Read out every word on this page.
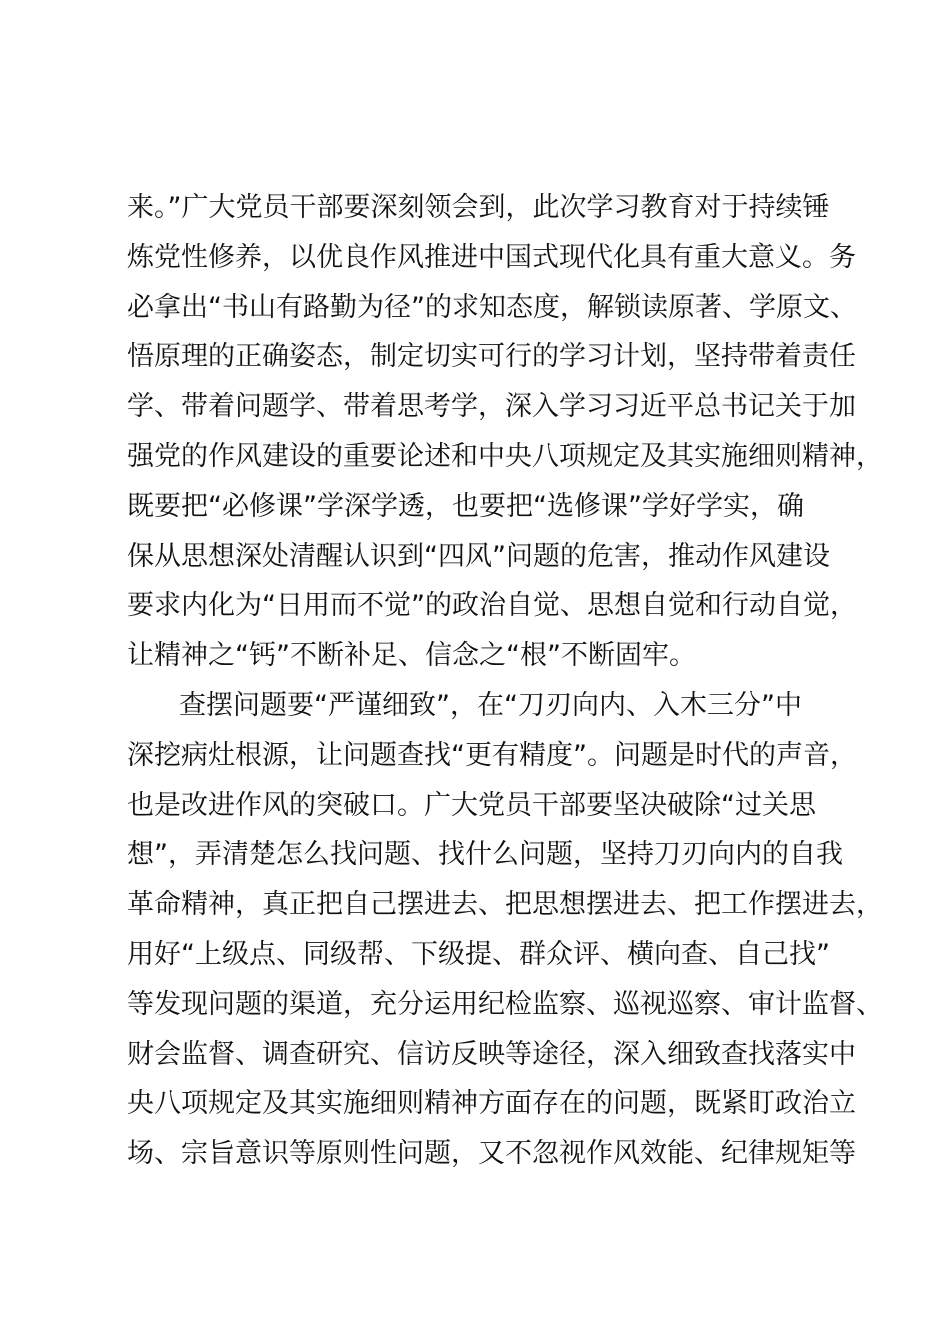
来。”广大党员干部要深刻领会到，此次学习教育对于持续锤
炼党性修养，以优良作风推进中国式现代化具有重大意义。务
必拿出“书山有路勤为径”的求知态度，解锁读原著、学原文、
悟原理的正确姿态，制定切实可行的学习计划，坚持带着责任
学、带着问题学、带着思考学，深入学习习近平总书记关于加
强党的作风建设的重要论述和中央八项规定及其实施细则精神，
既要把“必修课”学深学透，也要把“选修课”学好学实，确
保从思想深处清醒认识到“四风”问题的危害，推动作风建设
要求内化为“日用而不觉”的政治自觉、思想自觉和行动自觉，
让精神之“钙”不断补足、信念之“根”不断固牢。
查摆问题要“严谨细致”，在“刀刃向内、入木三分”中
深挖病灶根源，让问题查找“更有精度”。问题是时代的声音，
也是改进作风的突破口。广大党员干部要坚决破除“过关思
想”，弄清楚怎么找问题、找什么问题，坚持刀刃向内的自我
革命精神，真正把自己摆进去、把思想摆进去、把工作摆进去，
用好“上级点、同级帮、下级提、群众评、横向查、自己找”
等发现问题的渠道，充分运用纪检监察、巡视巡察、审计监督、
财会监督、调查研究、信访反映等途径，深入细致查找落实中
央八项规定及其实施细则精神方面存在的问题，既紧盯政治立
场、宗旨意识等原则性问题，又不忽视作风效能、纪律规矩等
